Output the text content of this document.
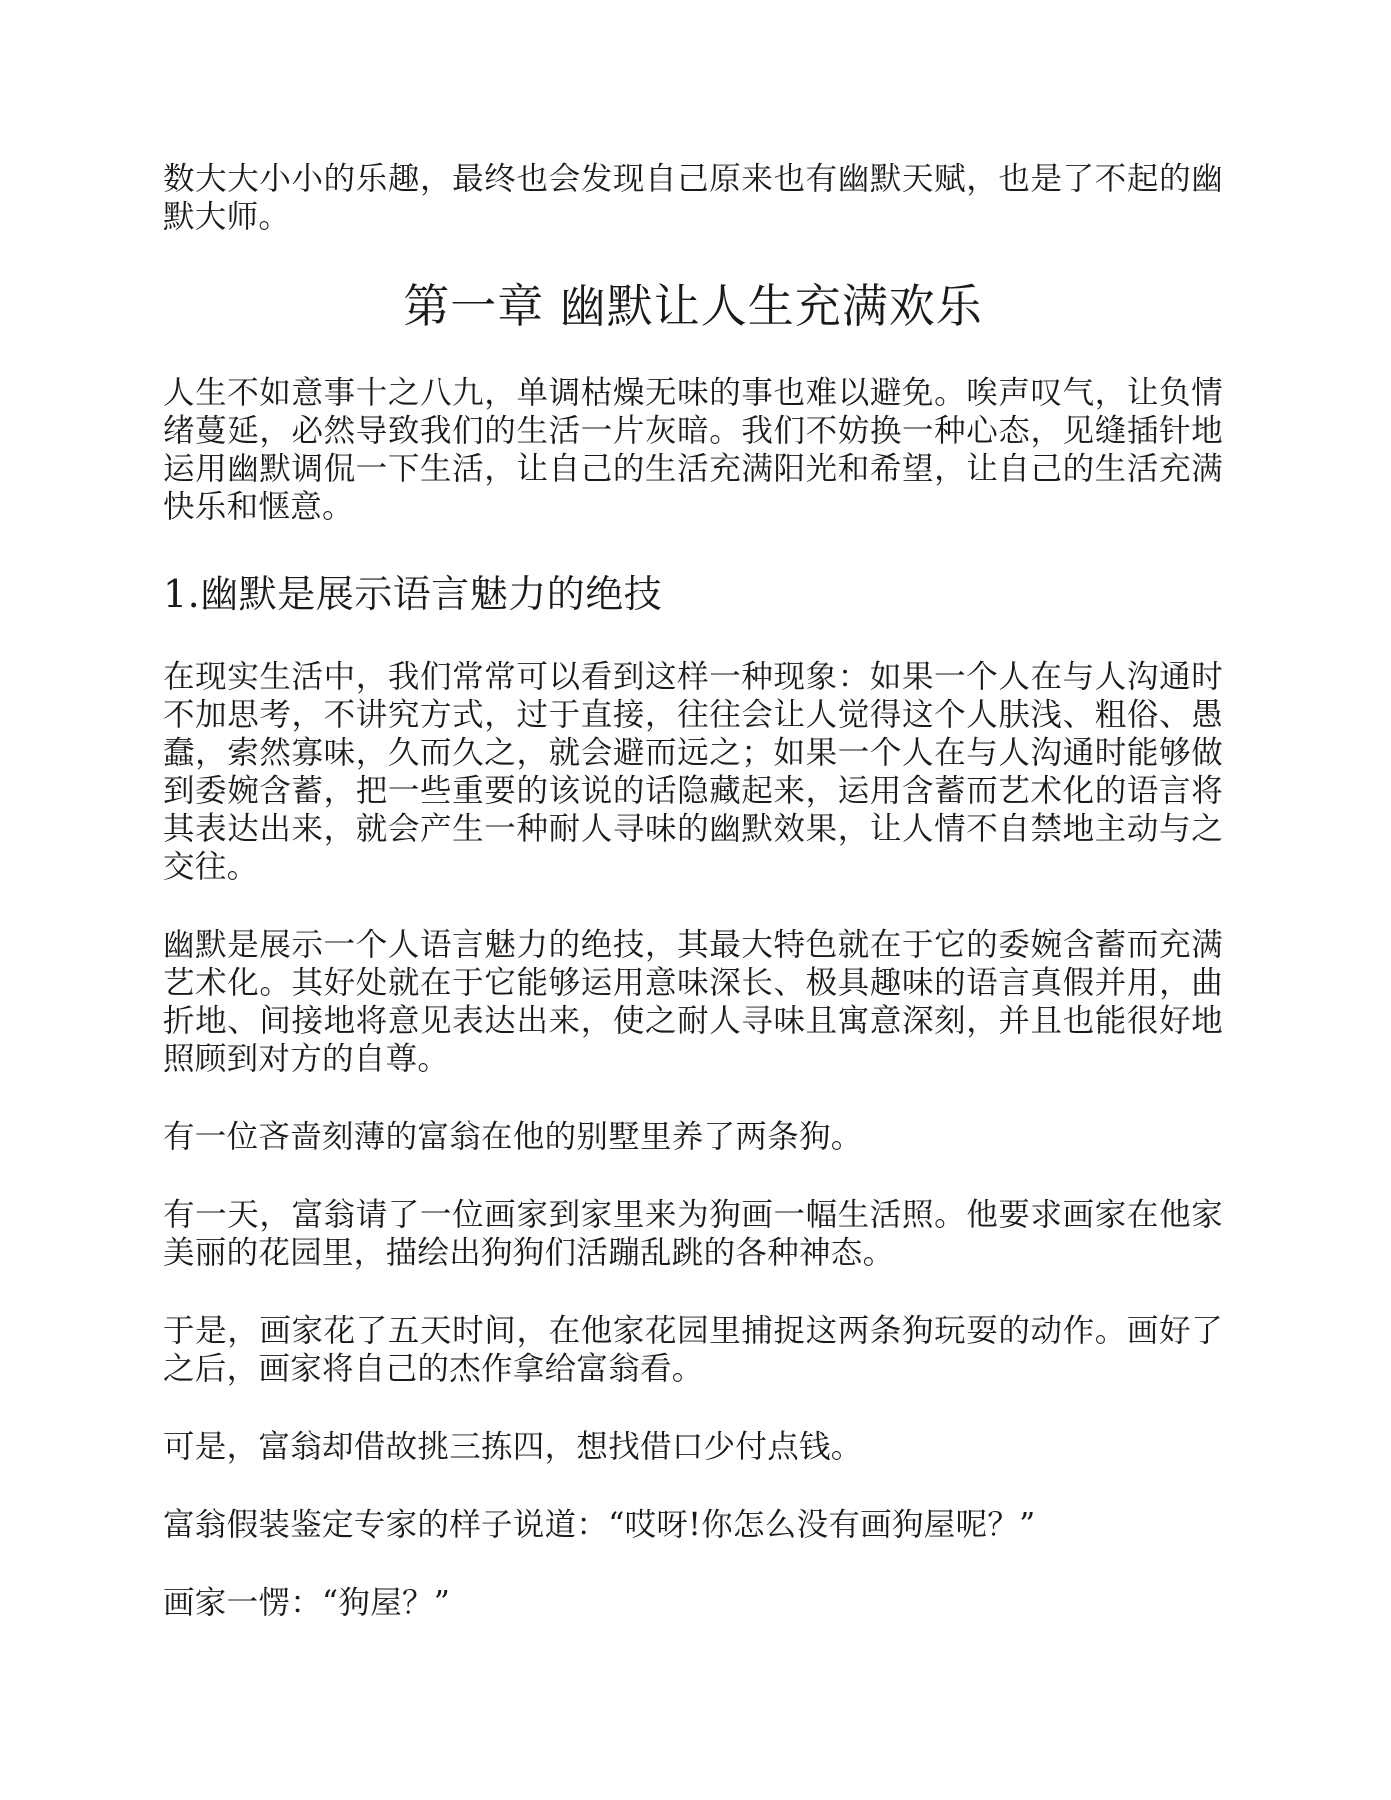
数大大小小的乐趣，最终也会发现自己原来也有幽默天赋，也是了不起的幽默大师。

第一章 幽默让人生充满欢乐

人生不如意事十之八九，单调枯燥无味的事也难以避免。唉声叹气，让负情绪蔓延，必然导致我们的生活一片灰暗。我们不妨换一种心态，见缝插针地运用幽默调侃一下生活，让自己的生活充满阳光和希望，让自己的生活充满快乐和惬意。

1.幽默是展示语言魅力的绝技

在现实生活中，我们常常可以看到这样一种现象：如果一个人在与人沟通时不加思考，不讲究方式，过于直接，往往会让人觉得这个人肤浅、粗俗、愚蠢，索然寡味，久而久之，就会避而远之；如果一个人在与人沟通时能够做到委婉含蓄，把一些重要的该说的话隐藏起来，运用含蓄而艺术化的语言将其表达出来，就会产生一种耐人寻味的幽默效果，让人情不自禁地主动与之交往。

幽默是展示一个人语言魅力的绝技，其最大特色就在于它的委婉含蓄而充满艺术化。其好处就在于它能够运用意味深长、极具趣味的语言真假并用，曲折地、间接地将意见表达出来，使之耐人寻味且寓意深刻，并且也能很好地照顾到对方的自尊。

有一位吝啬刻薄的富翁在他的别墅里养了两条狗。

有一天，富翁请了一位画家到家里来为狗画一幅生活照。他要求画家在他家美丽的花园里，描绘出狗狗们活蹦乱跳的各种神态。

于是，画家花了五天时间，在他家花园里捕捉这两条狗玩耍的动作。画好了之后，画家将自己的杰作拿给富翁看。

可是，富翁却借故挑三拣四，想找借口少付点钱。

富翁假装鉴定专家的样子说道：“哎呀!你怎么没有画狗屋呢？”

画家一愣：“狗屋？”
